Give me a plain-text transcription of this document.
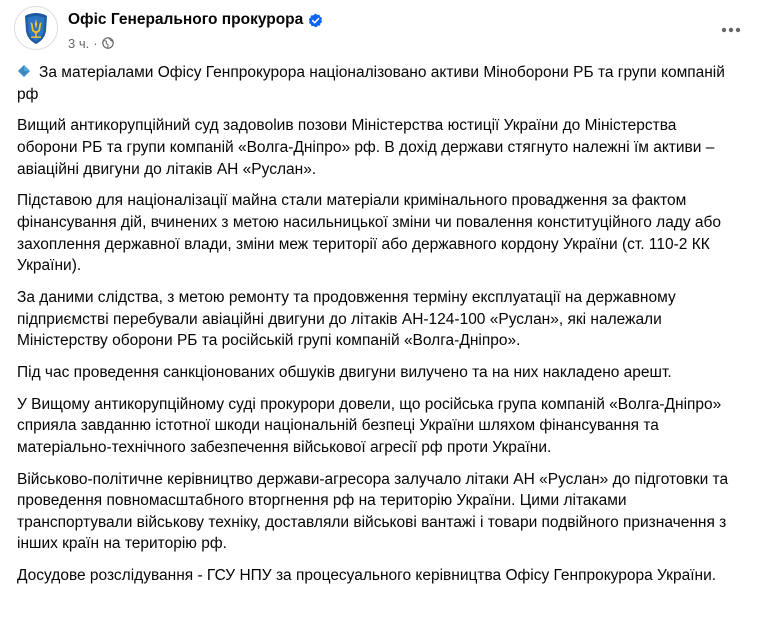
Офіс Генерального прокурора
3 ч. ·

За матеріалами Офісу Генпрокурора націоналізовано активи Міноборони РБ та групи компаній рф

Вищий антикорупційний суд задовolив позови Міністерства юстиції України до Міністерства оборони РБ та групи компаній «Волга-Дніпро» рф. В дохід держави стягнуто належні їм активи – авіаційні двигуни до літаків АН «Руслан».

Підставою для націоналізації майна стали матеріали кримінального провадження за фактом фінансування дій, вчинених з метою насильницької зміни чи повалення конституційного ладу або захоплення державної влади, зміни меж території або державного кордону України (ст. 110-2 КК України).

За даними слідства, з метою ремонту та продовження терміну експлуатації на державному підприємстві перебували авіаційні двигуни до літаків АН-124-100 «Руслан», які належали Міністерству оборони РБ та російській групі компаній «Волга-Дніпро».

Під час проведення санкціонованих обшуків двигуни вилучено та на них накладено арешт.

У Вищому антикорупційному суді прокурори довели, що російська група компаній «Волга-Дніпро» сприяла завданню істотної шкоди національній безпеці України шляхом фінансування та матеріально-технічного забезпечення військової агресії рф проти України.

Військово-політичне керівництво держави-агресора залучало літаки АН «Руслан» до підготовки та проведення повномасштабного вторгнення рф на територію України. Цими літаками транспортували військову техніку, доставляли військові вантажі і товари подвійного призначення з інших країн на територію рф.

Досудове розслідування - ГСУ НПУ за процесуального керівництва Офісу Генпрокурора України.
